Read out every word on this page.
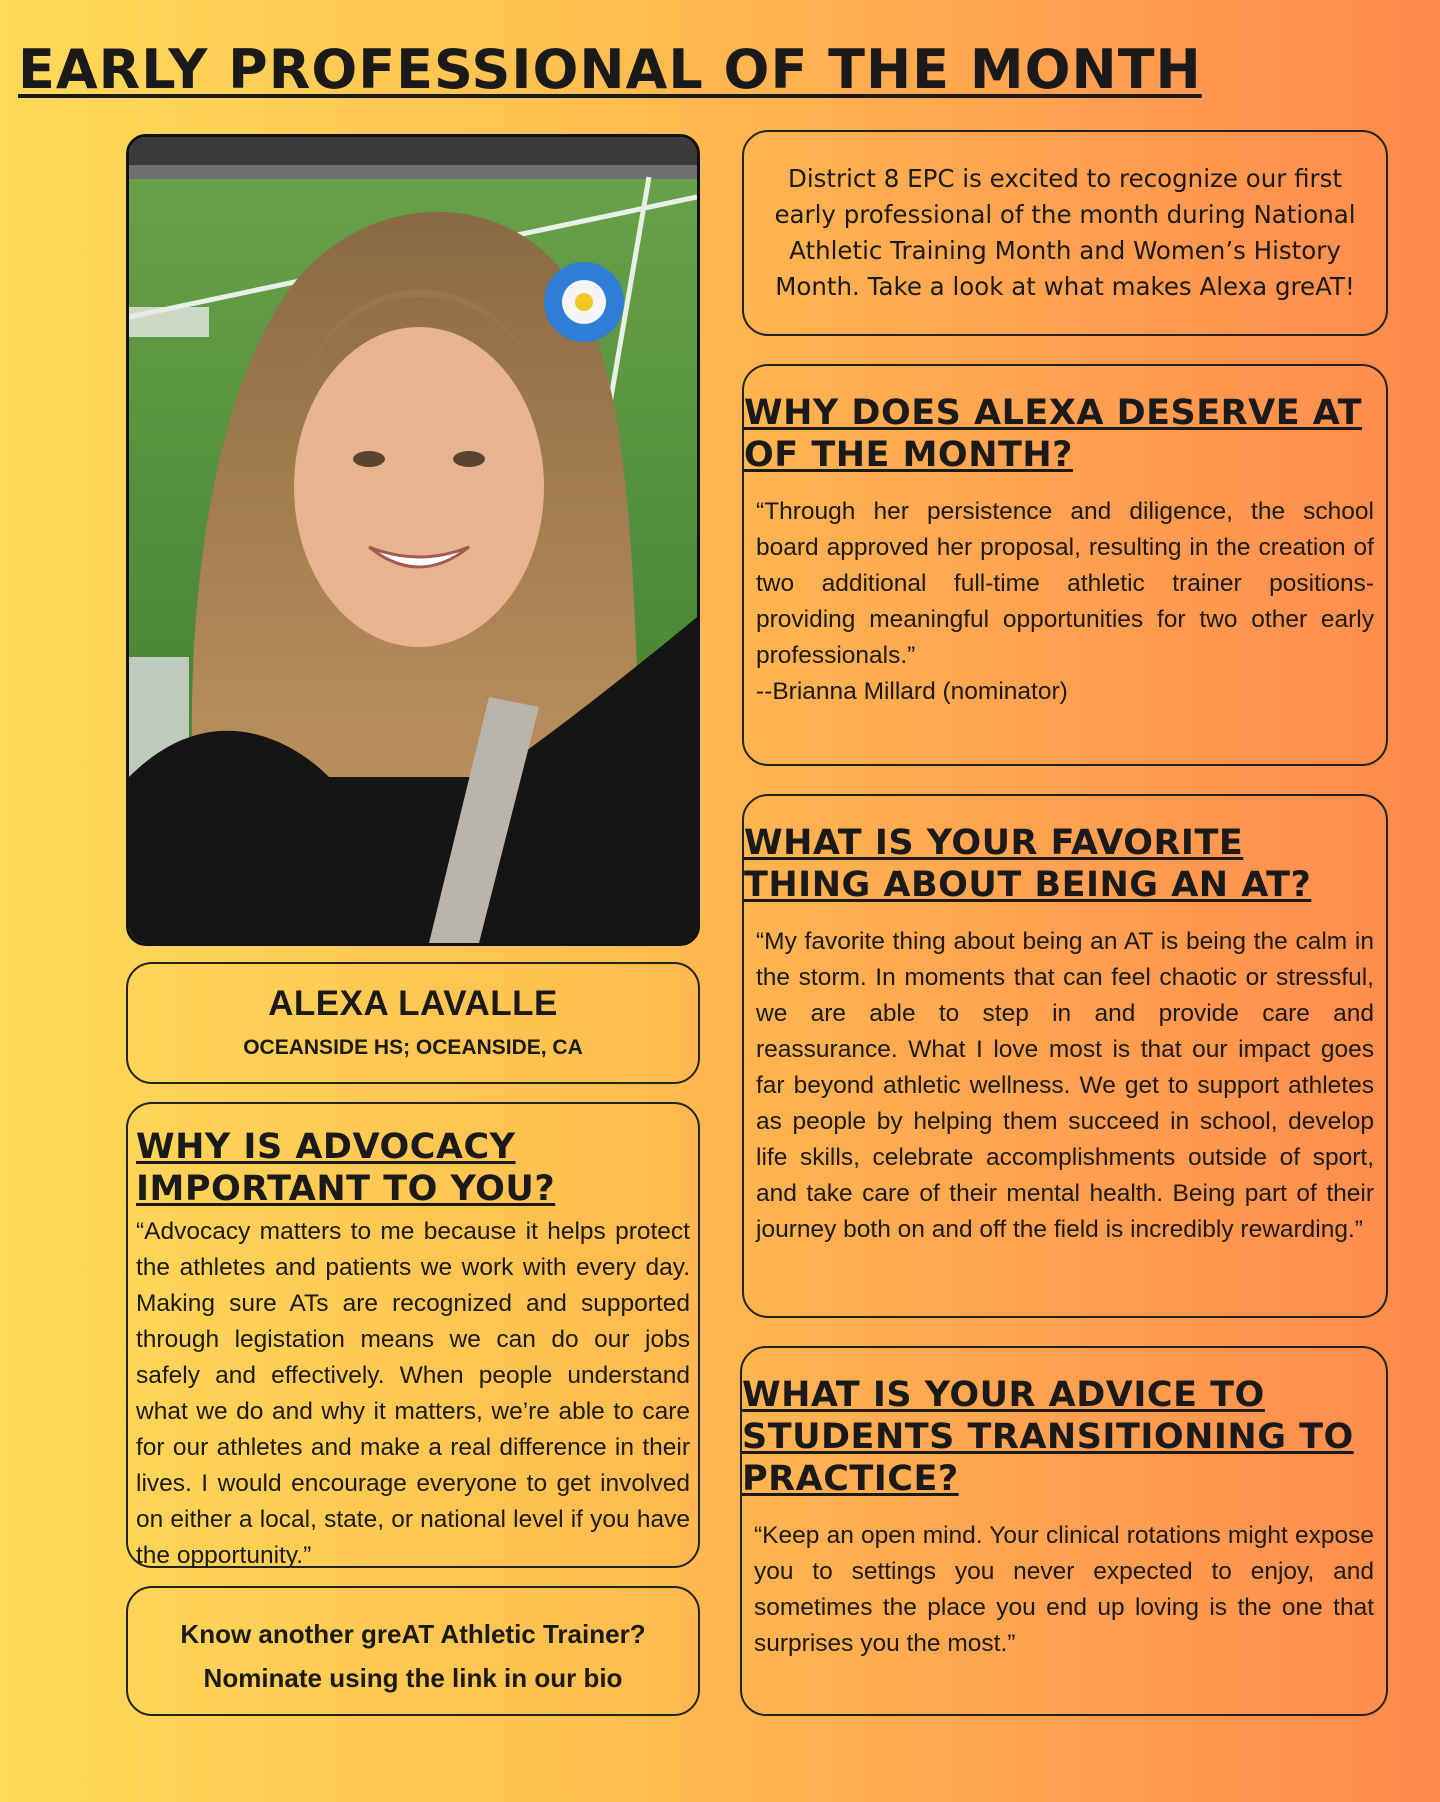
EARLY PROFESSIONAL OF THE MONTH

District 8 EPC is excited to recognize our first early professional of the month during National Athletic Training Month and Women’s History Month. Take a look at what makes Alexa greAT!

WHY DOES ALEXA DESERVE AT OF THE MONTH?

“Through her persistence and diligence, the school board approved her proposal, resulting in the creation of two additional full-time athletic trainer positions- providing meaningful opportunities for two other early professionals.”
--Brianna Millard (nominator)

WHAT IS YOUR FAVORITE THING ABOUT BEING AN AT?

“My favorite thing about being an AT is being the calm in the storm. In moments that can feel chaotic or stressful, we are able to step in and provide care and reassurance. What I love most is that our impact goes far beyond athletic wellness. We get to support athletes as people by helping them succeed in school, develop life skills, celebrate accomplishments outside of sport, and take care of their mental health. Being part of their journey both on and off the field is incredibly rewarding.”

WHAT IS YOUR ADVICE TO STUDENTS TRANSITIONING TO PRACTICE?

“Keep an open mind. Your clinical rotations might expose you to settings you never expected to enjoy, and sometimes the place you end up loving is the one that surprises you the most.”

ALEXA LAVALLE
OCEANSIDE HS; OCEANSIDE, CA
WHY IS ADVOCACY IMPORTANT TO YOU?

“Advocacy matters to me because it helps protect the athletes and patients we work with every day. Making sure ATs are recognized and supported through legistation means we can do our jobs safely and effectively. When people understand what we do and why it matters, we’re able to care for our athletes and make a real difference in their lives. I would encourage everyone to get involved on either a local, state, or national level if you have the opportunity.”

Know another greAT Athletic Trainer?
Nominate using the link in our bio
